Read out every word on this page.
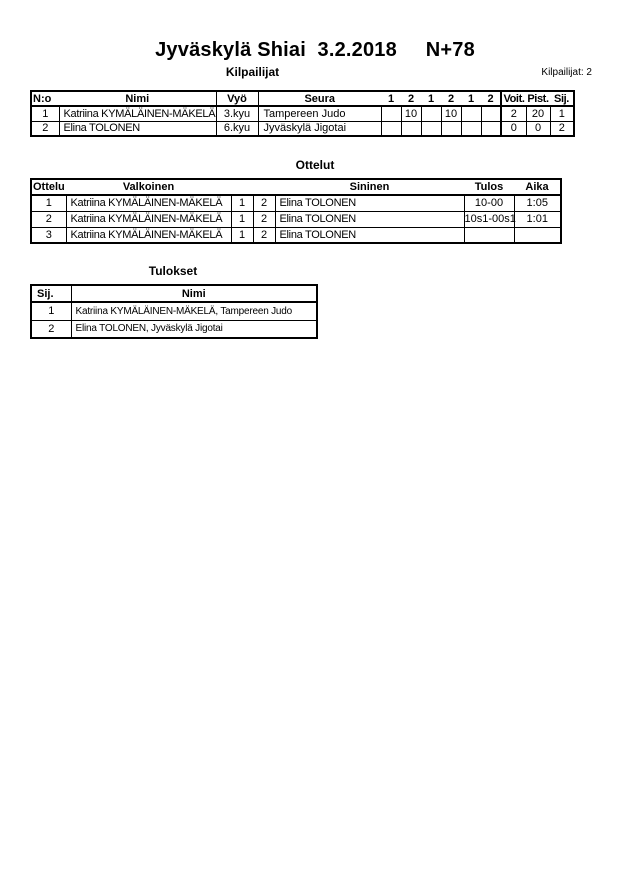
Jyväskylä Shiai  3.2.2018     N+78
Kilpailijat	Kilpailijat: 2
N:o	Nimi	Vyö	Seura	1	2	1	2	1	2	Voit.	Pist.	Sij.
1	Katriina KYMÄLÄINEN-MÄKELÄ	3.kyu	Tampereen Judo		10		10			2	20	1
2	Elina TOLONEN	6.kyu	Jyväskylä Jigotai							0	0	2
Ottelut
Ottelu	Valkoinen			Sininen	Tulos	Aika
1	Katriina KYMÄLÄINEN-MÄKELÄ	1	2	Elina TOLONEN	10-00	1:05
2	Katriina KYMÄLÄINEN-MÄKELÄ	1	2	Elina TOLONEN	10s1-00s1	1:01
3	Katriina KYMÄLÄINEN-MÄKELÄ	1	2	Elina TOLONEN		
Tulokset
Sij.	Nimi
1	Katriina KYMÄLÄINEN-MÄKELÄ, Tampereen Judo
2	Elina TOLONEN, Jyväskylä Jigotai
